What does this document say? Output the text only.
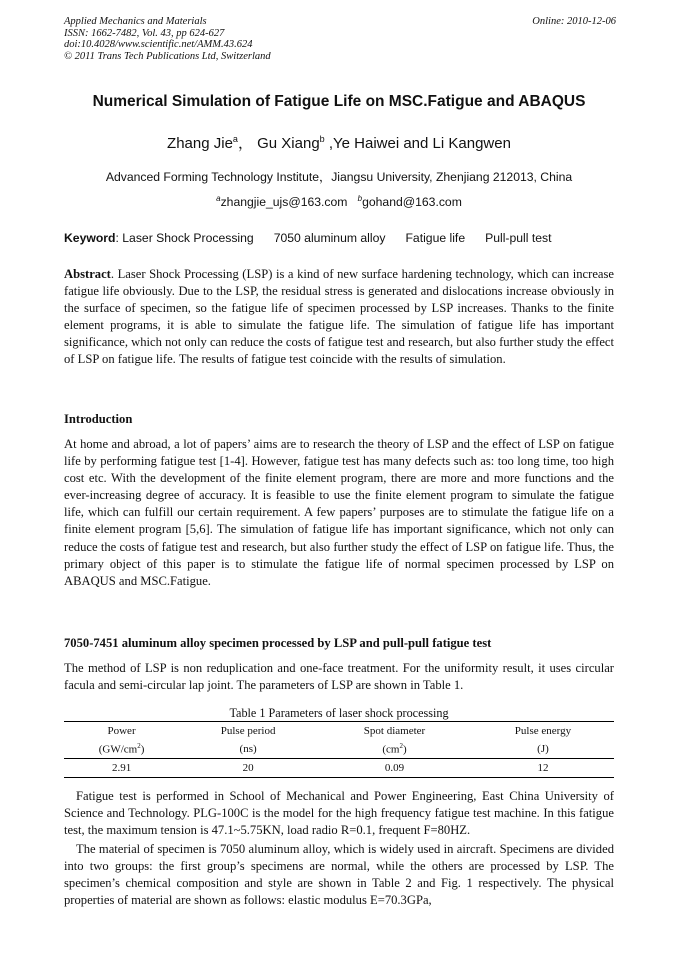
Applied Mechanics and Materials
ISSN: 1662-7482, Vol. 43, pp 624-627
doi:10.4028/www.scientific.net/AMM.43.624
© 2011 Trans Tech Publications Ltd, Switzerland
Online: 2010-12-06
Numerical Simulation of Fatigue Life on MSC.Fatigue and ABAQUS
Zhang Jie$^a$， Gu Xiang$^b$ ,Ye Haiwei and Li Kangwen
Advanced Forming Technology Institute，Jiangsu University, Zhenjiang 212013, China
$^a$zhangjie_ujs@163.com $^b$gohand@163.com
Keyword: Laser Shock Processing 7050 aluminum alloy Fatigue life Pull-pull test
Abstract. Laser Shock Processing (LSP) is a kind of new surface hardening technology, which can increase fatigue life obviously. Due to the LSP, the residual stress is generated and dislocations increase obviously in the surface of specimen, so the fatigue life of specimen processed by LSP increases. Thanks to the finite element programs, it is able to simulate the fatigue life. The simulation of fatigue life has important significance, which not only can reduce the costs of fatigue test and research, but also further study the effect of LSP on fatigue life. The results of fatigue test coincide with the results of simulation.
Introduction
At home and abroad, a lot of papers’ aims are to research the theory of LSP and the effect of LSP on fatigue life by performing fatigue test [1-4]. However, fatigue test has many defects such as: too long time, too high cost etc. With the development of the finite element program, there are more and more functions and the ever-increasing degree of accuracy. It is feasible to use the finite element program to simulate the fatigue life, which can fulfill our certain requirement. A few papers’ purposes are to stimulate the fatigue life on a finite element program [5,6]. The simulation of fatigue life has important significance, which not only can reduce the costs of fatigue test and research, but also further study the effect of LSP on fatigue life. Thus, the primary object of this paper is to stimulate the fatigue life of normal specimen processed by LSP on ABAQUS and MSC.Fatigue.
7050-7451 aluminum alloy specimen processed by LSP and pull-pull fatigue test
The method of LSP is non reduplication and one-face treatment. For the uniformity result, it uses circular facula and semi-circular lap joint. The parameters of LSP are shown in Table 1.
Table 1 Parameters of laser shock processing
Power	Pulse period	Spot diameter	Pulse energy
$(GW/cm^2)$	(ns)	$(cm^2)$	(J)
2.91	20	0.09	12
Fatigue test is performed in School of Mechanical and Power Engineering, East China University of Science and Technology. PLG-100C is the model for the high frequency fatigue test machine. In this fatigue test, the maximum tension is 47.1~5.75KN, load radio R=0.1, frequent F=80HZ.
The material of specimen is 7050 aluminum alloy, which is widely used in aircraft. Specimens are divided into two groups: the first group’s specimens are normal, while the others are processed by LSP. The specimen’s chemical composition and style are shown in Table 2 and Fig. 1 respectively. The physical properties of material are shown as follows: elastic modulus E=70.3GPa,
